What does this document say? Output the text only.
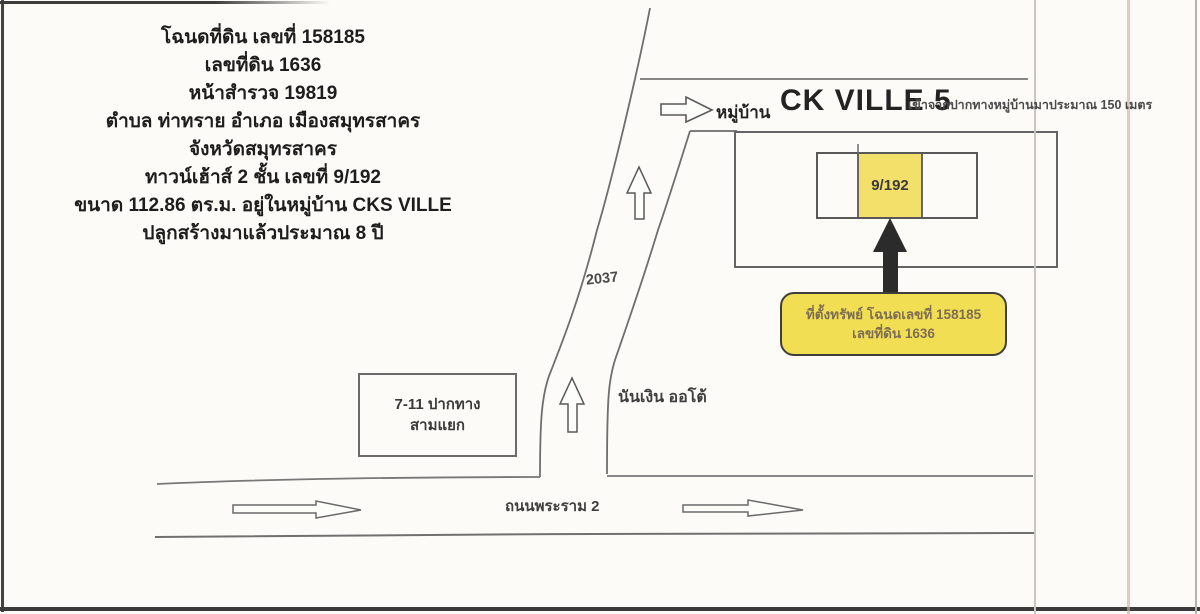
โฉนดที่ดิน เลขที่ 158185
เลขที่ดิน 1636
หน้าสำรวจ 19819
ตำบล ท่าทราย อำเภอ เมืองสมุทรสาคร
จังหวัดสมุทรสาคร
ทาวน์เฮ้าส์ 2 ชั้น เลขที่ 9/192
ขนาด 112.86 ตร.ม. อยู่ในหมู่บ้าน CKS VILLE
ปลูกสร้างมาแล้วประมาณ 8 ปี
หมู่บ้าน CK VILLE 5
เข้าจากปากทางหมู่บ้านมาประมาณ 150 เมตร
9/192
ที่ตั้งทรัพย์ โฉนดเลขที่ 158185
เลขที่ดิน 1636
7-11 ปากทาง
สามแยก
2037
นันเงิน ออโต้
ถนนพระราม 2
